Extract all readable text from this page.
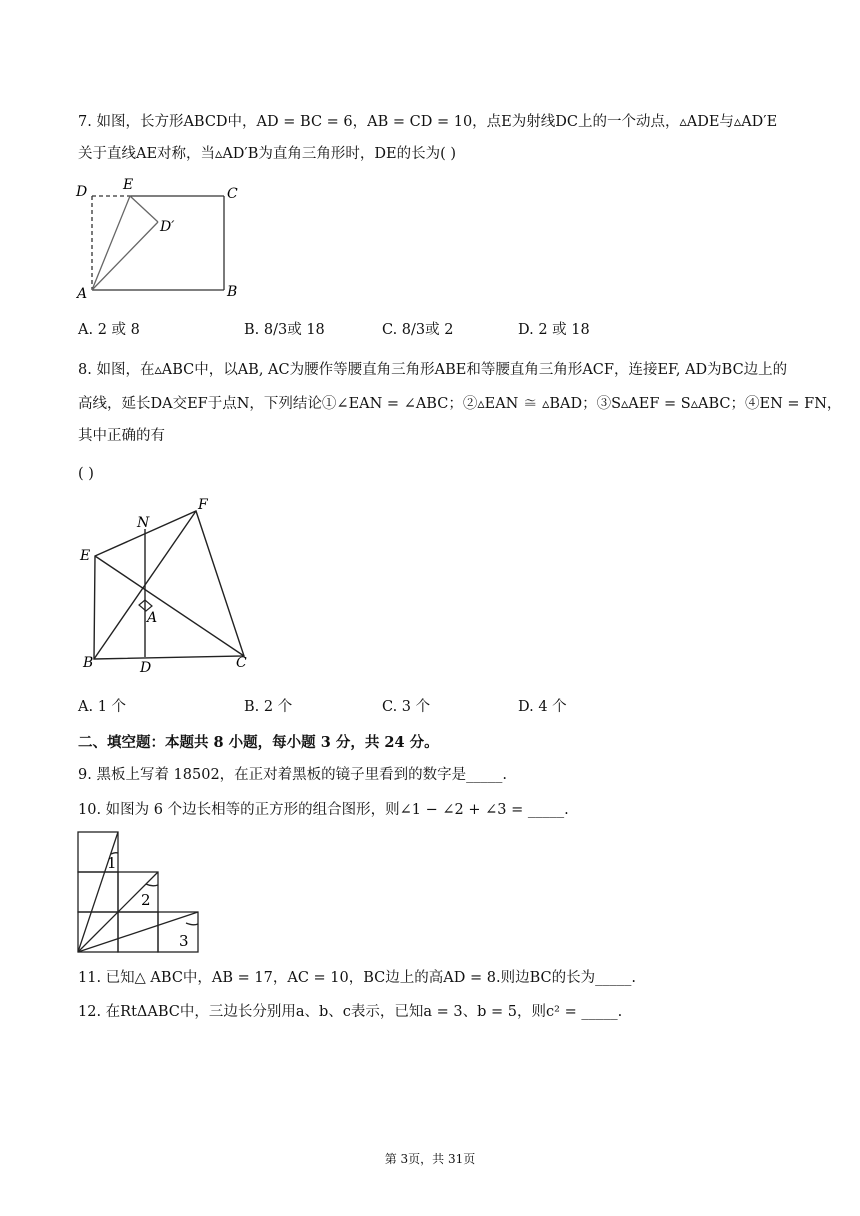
7. 如图，长方形ABCD中，AD = BC = 6，AB = CD = 10，点E为射线DC上的一个动点，▵ADE与▵AD′E
关于直线AE对称，当▵AD′B为直角三角形时，DE的长为( )
D	E
C
D′
A	B
A. 2 或 8	B. 8/3或 18	C. 8/3或 2	D. 2 或 18
8. 如图，在▵ABC中，以AB, AC为腰作等腰直角三角形ABE和等腰直角三角形ACF，连接EF, AD为BC边上的
高线，延长DA交EF于点N，下列结论①∠EAN = ∠ABC；②▵EAN ≅ ▵BAD；③S▵AEF = S▵ABC；④EN = FN，
其中正确的有
( )
N
F
E
A
B	D	C
A. 1 个	B. 2 个	C. 3 个	D. 4 个
二、填空题：本题共 8 小题，每小题 3 分，共 24 分。
9. 黑板上写着 18502，在正对着黑板的镜子里看到的数字是_____.
10. 如图为 6 个边长相等的正方形的组合图形，则∠1 − ∠2 + ∠3 = _____.
1
2
3
11. 已知△ ABC中，AB = 17，AC = 10，BC边上的高AD = 8.则边BC的长为_____.
12. 在RtΔABC中，三边长分别用a、b、c表示，已知a = 3、b = 5，则c² = _____.
第 3页，共 31页
